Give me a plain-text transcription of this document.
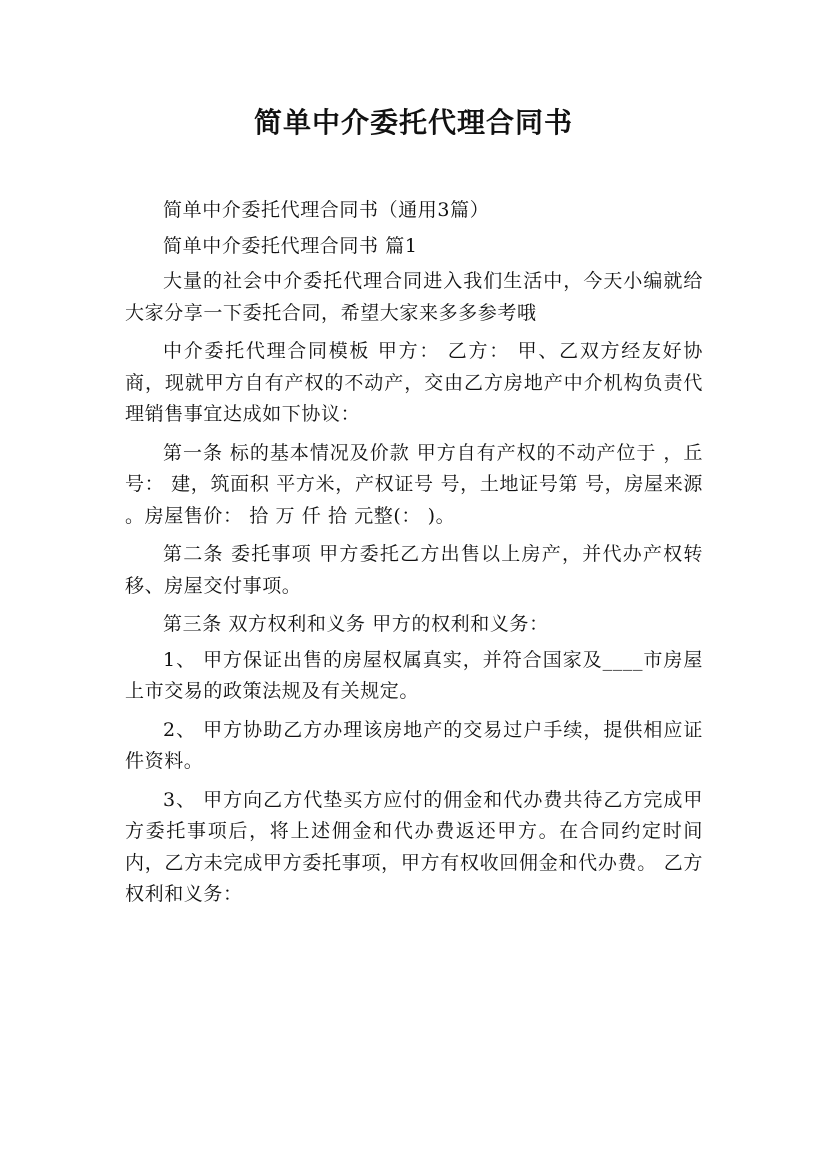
简单中介委托代理合同书

简单中介委托代理合同书（通用3篇）

简单中介委托代理合同书 篇1

大量的社会中介委托代理合同进入我们生活中，今天小编就给大家分享一下委托合同，希望大家来多多参考哦

中介委托代理合同模板 甲方： 乙方： 甲、乙双方经友好协商，现就甲方自有产权的不动产，交由乙方房地产中介机构负责代理销售事宜达成如下协议：

第一条 标的基本情况及价款 甲方自有产权的不动产位于 ，丘号： 建，筑面积 平方米，产权证号 号，土地证号第 号，房屋来源 。房屋售价： 拾 万 仟 拾 元整(： )。

第二条 委托事项 甲方委托乙方出售以上房产，并代办产权转移、房屋交付事项。

第三条 双方权利和义务 甲方的权利和义务：

1、 甲方保证出售的房屋权属真实，并符合国家及____市房屋上市交易的政策法规及有关规定。

2、 甲方协助乙方办理该房地产的交易过户手续，提供相应证件资料。

3、 甲方向乙方代垫买方应付的佣金和代办费共待乙方完成甲方委托事项后，将上述佣金和代办费返还甲方。在合同约定时间内，乙方未完成甲方委托事项，甲方有权收回佣金和代办费。 乙方权利和义务：
